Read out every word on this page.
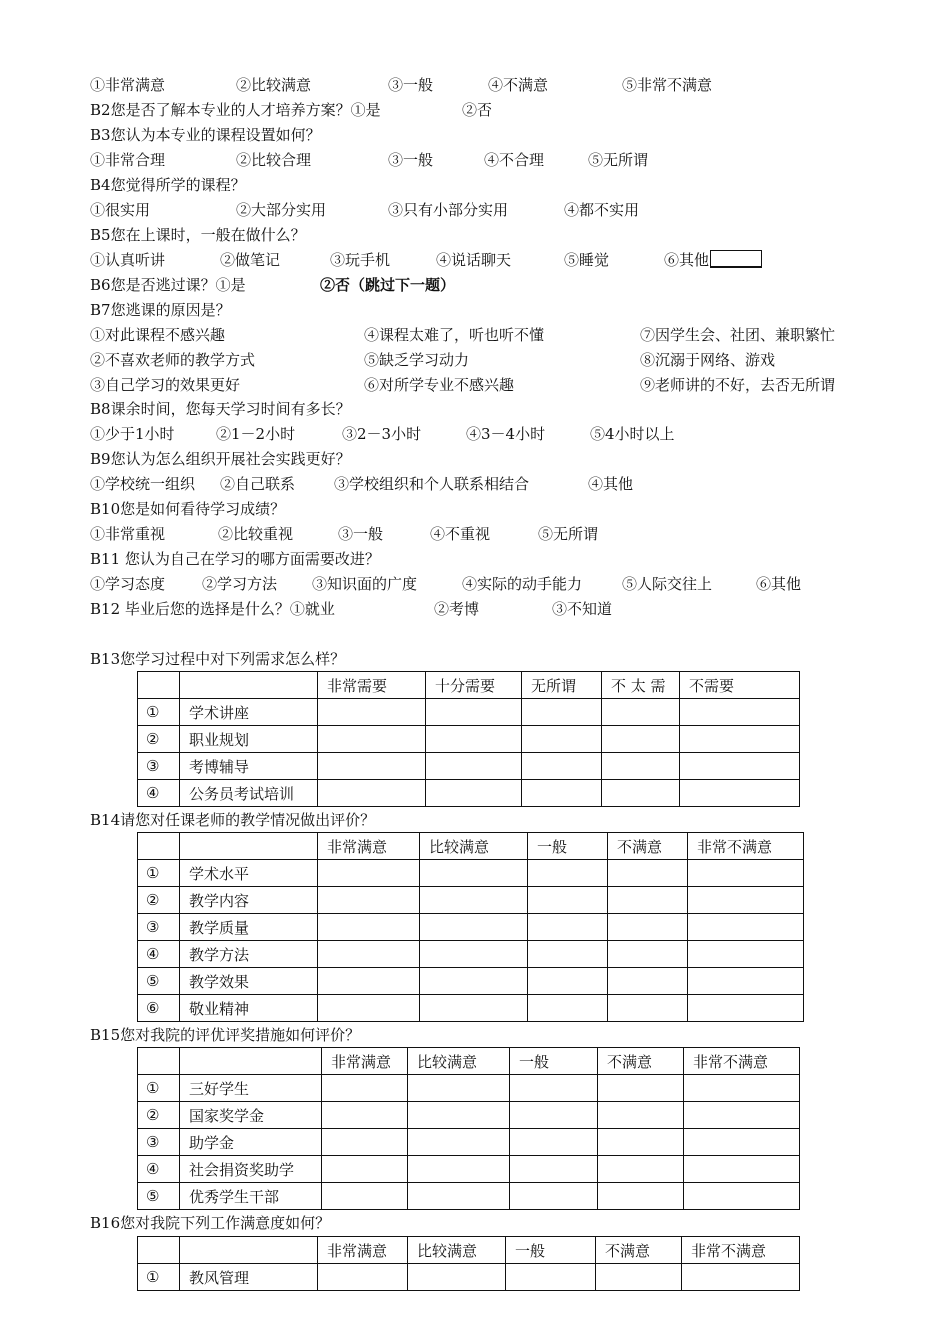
①非常满意	②比较满意	③一般	④不满意	⑤非常不满意
B2您是否了解本专业的人才培养方案？①是	②否
B3您认为本专业的课程设置如何？
①非常合理	②比较合理	③一般	④不合理	⑤无所谓
B4您觉得所学的课程？
①很实用	②大部分实用	③只有小部分实用	④都不实用
B5您在上课时，一般在做什么？
①认真听讲	②做笔记	③玩手机	④说话聊天	⑤睡觉	⑥其他
B6您是否逃过课？①是	②否（跳过下一题）
B7您逃课的原因是？
①对此课程不感兴趣	④课程太难了，听也听不懂	⑦因学生会、社团、兼职繁忙
②不喜欢老师的教学方式	⑤缺乏学习动力	⑧沉溺于网络、游戏
③自己学习的效果更好	⑥对所学专业不感兴趣	⑨老师讲的不好，去否无所谓
B8课余时间，您每天学习时间有多长？
①少于1小时	②1－2小时	③2－3小时	④3－4小时	⑤4小时以上
B9您认为怎么组织开展社会实践更好？
①学校统一组织 ②自己联系	③学校组织和个人联系相结合	④其他
B10您是如何看待学习成绩？
①非常重视	②比较重视	③一般	④不重视	⑤无所谓
B11 您认为自己在学习的哪方面需要改进？
①学习态度 ②学习方法 ③知识面的广度	④实际的动手能力	⑤人际交往上	⑥其他
B12 毕业后您的选择是什么？①就业	②考博	③不知道
B13您学习过程中对下列需求怎么样？
		非常需要	十分需要	无所谓	不 太 需	不需要
①	学术讲座					
②	职业规划					
③	考博辅导					
④	公务员考试培训					
B14请您对任课老师的教学情况做出评价？
		非常满意	比较满意	一般	不满意	非常不满意
①	学术水平					
②	教学内容					
③	教学质量					
④	教学方法					
⑤	教学效果					
⑥	敬业精神					
B15您对我院的评优评奖措施如何评价？
		非常满意	比较满意	一般	不满意	非常不满意
①	三好学生					
②	国家奖学金					
③	助学金					
④	社会捐资奖助学					
⑤	优秀学生干部					
B16您对我院下列工作满意度如何？
		非常满意	比较满意	一般	不满意	非常不满意
①	教风管理					
